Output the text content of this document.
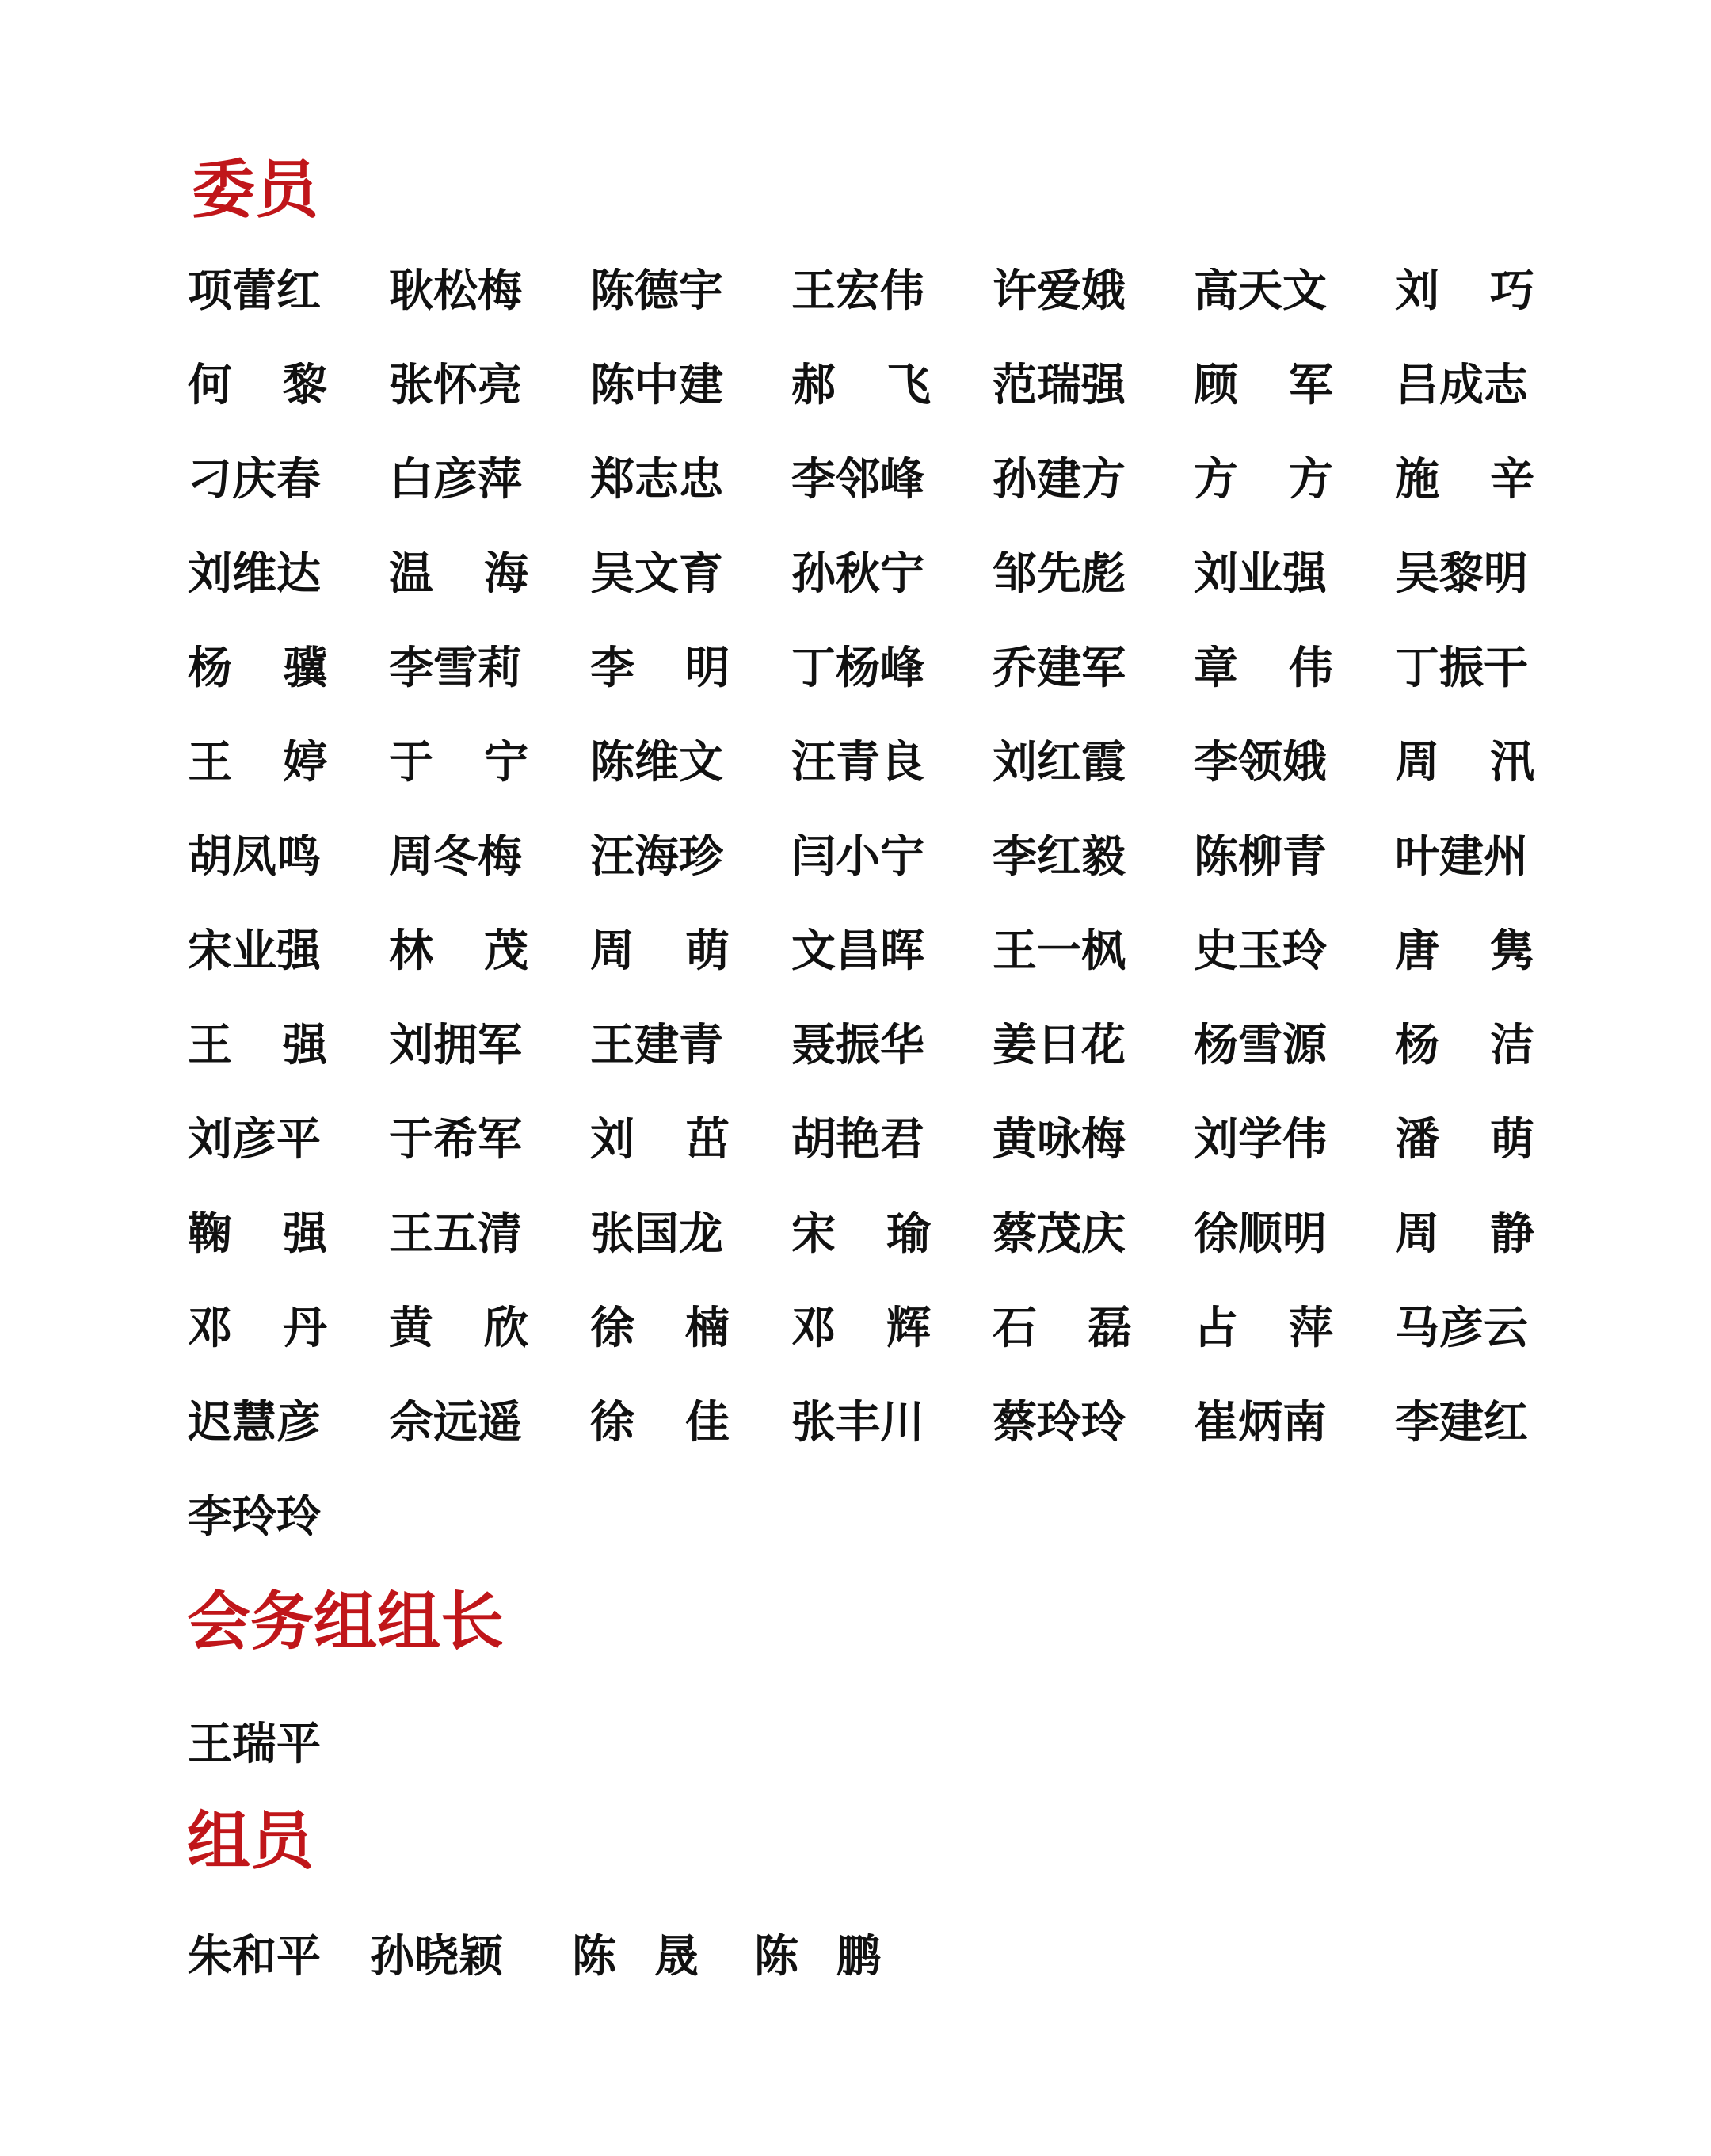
委员
项蕾红 耿松梅 陈德宇 王宏伟 许爱娥 高天文 刘 巧
何 黎 张怀亮 陈中建 郝 飞 范瑞强 顾 军 吕成志
刁庆春 白彦萍 郑志忠 李邻峰 孙建方 方 方 施 辛
刘维达 温 海 吴文育 孙秋宁 邹先彪 刘业强 吴黎明
杨 骥 李雪莉 李 明 丁杨峰 乔建军 章 伟 丁振干
王 婷 于 宁 陈维文 汪青良 刘红霞 李领娥 周 汛
胡凤鸣 周冬梅 汪海珍 闫小宁 李红毅 陈柳青 叶建州
宋业强 林 茂 周 萌 文昌晖 王一枫 史玉玲 唐 隽
王 强 刘拥军 王建青 聂振华 姜日花 杨雪源 杨 洁
刘彦平 于希军 刘 茁 胡艳君 黄咏梅 刘学伟 潘 萌
鞠 强 王五清 张国龙 宋 瑜 蔡茂庆 徐顺明 周 静
邓 丹 黄 欣 徐 楠 邓 辉 石 磊 占 萍 马彦云
迟慧彦 佘远遥 徐 佳 张丰川 蔡玲玲 崔炳南 李建红
李玲玲
会务组组长
王瑞平
组员
朱和平 孙晓颖 陈 晟 陈 鹏
